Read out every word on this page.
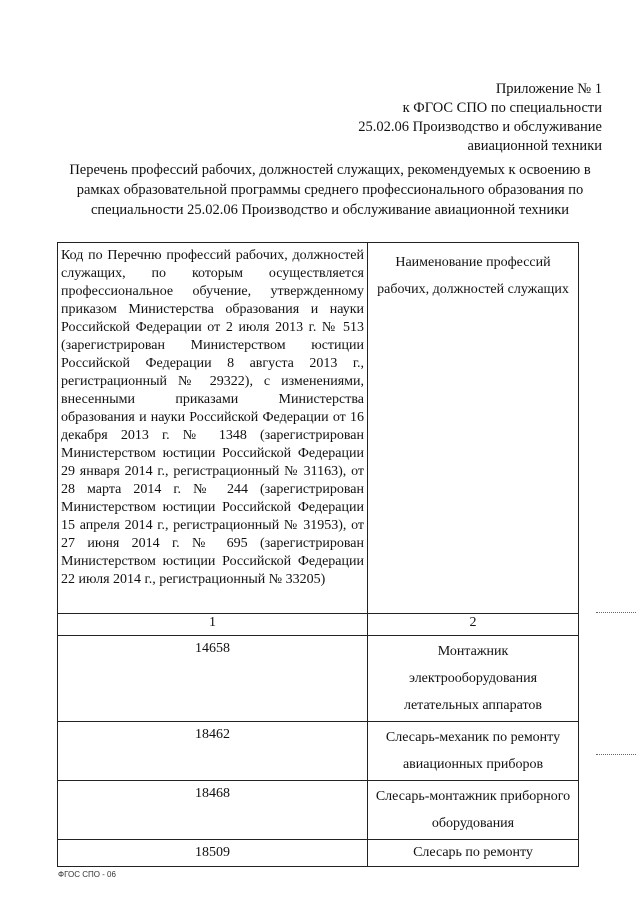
Приложение № 1
к ФГОС СПО по специальности
25.02.06 Производство и обслуживание
авиационной техники
Перечень профессий рабочих, должностей служащих, рекомендуемых к освоению в
рамках образовательной программы среднего профессионального образования по
специальности 25.02.06 Производство и обслуживание авиационной техники
Код по Перечню профессий рабочих, должностей служащих, по которым осуществляется профессиональное обучение, утвержденному приказом Министерства образования и науки Российской Федерации от 2 июля 2013 г. № 513 (зарегистрирован Министерством юстиции Российской Федерации 8 августа 2013 г., регистрационный № 29322), с изменениями, внесенными приказами Министерства образования и науки Российской Федерации от 16 декабря 2013 г. № 1348 (зарегистрирован Министерством юстиции Российской Федерации 29 января 2014 г., регистрационный № 31163), от 28 марта 2014 г. № 244 (зарегистрирован Министерством юстиции Российской Федерации 15 апреля 2014 г., регистрационный № 31953), от 27 июня 2014 г. № 695 (зарегистрирован Министерством юстиции Российской Федерации 22 июля 2014 г., регистрационный № 33205)	Наименование профессий рабочих, должностей служащих
1	2
14658	Монтажник электрооборудования летательных аппаратов
18462	Слесарь-механик по ремонту авиационных приборов
18468	Слесарь-монтажник приборного оборудования
18509	Слесарь по ремонту
ФГОС СПО - 06
